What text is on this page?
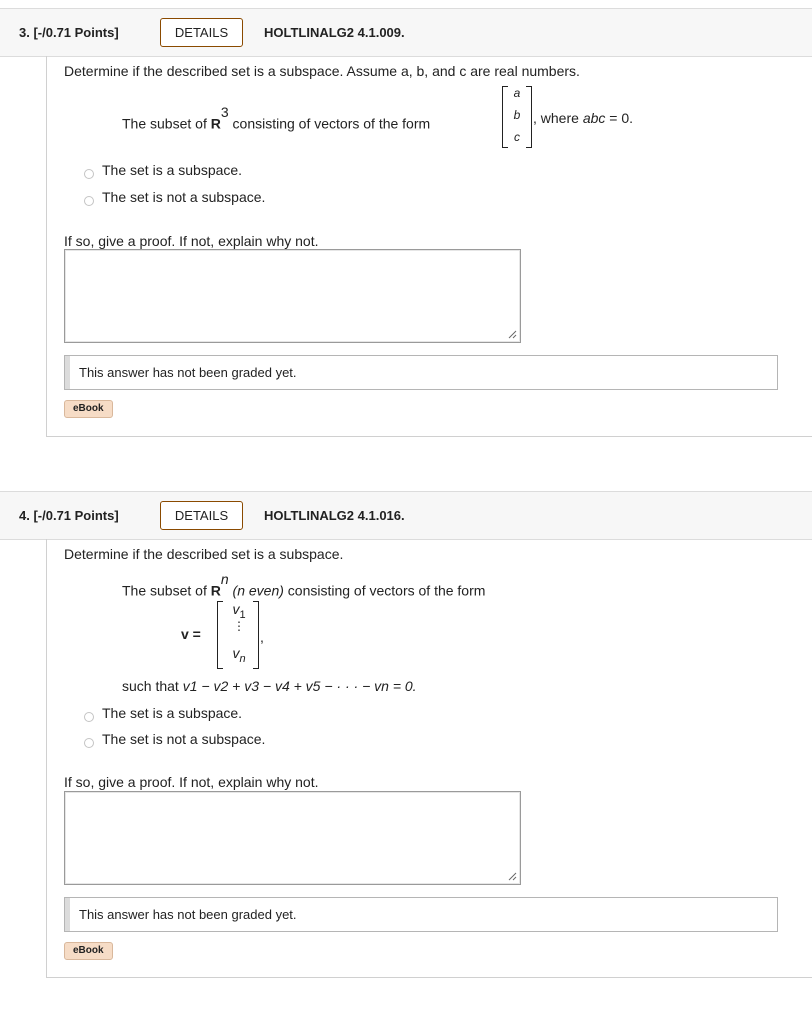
3. [-/0.71 Points]	DETAILS	HOLTLINALG2 4.1.009.
Determine if the described set is a subspace. Assume a, b, and c are real numbers.
The subset of $R^3$ consisting of vectors of the form
a
b
c
, where abc = 0.
The set is a subspace.
The set is not a subspace.
If so, give a proof. If not, explain why not.
This answer has not been graded yet.
eBook
4. [-/0.71 Points]	DETAILS	HOLTLINALG2 4.1.016.
Determine if the described set is a subspace.
The subset of $R^n$ (n even) consisting of vectors of the form
v =
$v_1$
⋮
$v_n$
,
such that v1 − v2 + v3 − v4 + v5 − · · · − vn = 0.
The set is a subspace.
The set is not a subspace.
If so, give a proof. If not, explain why not.
This answer has not been graded yet.
eBook
